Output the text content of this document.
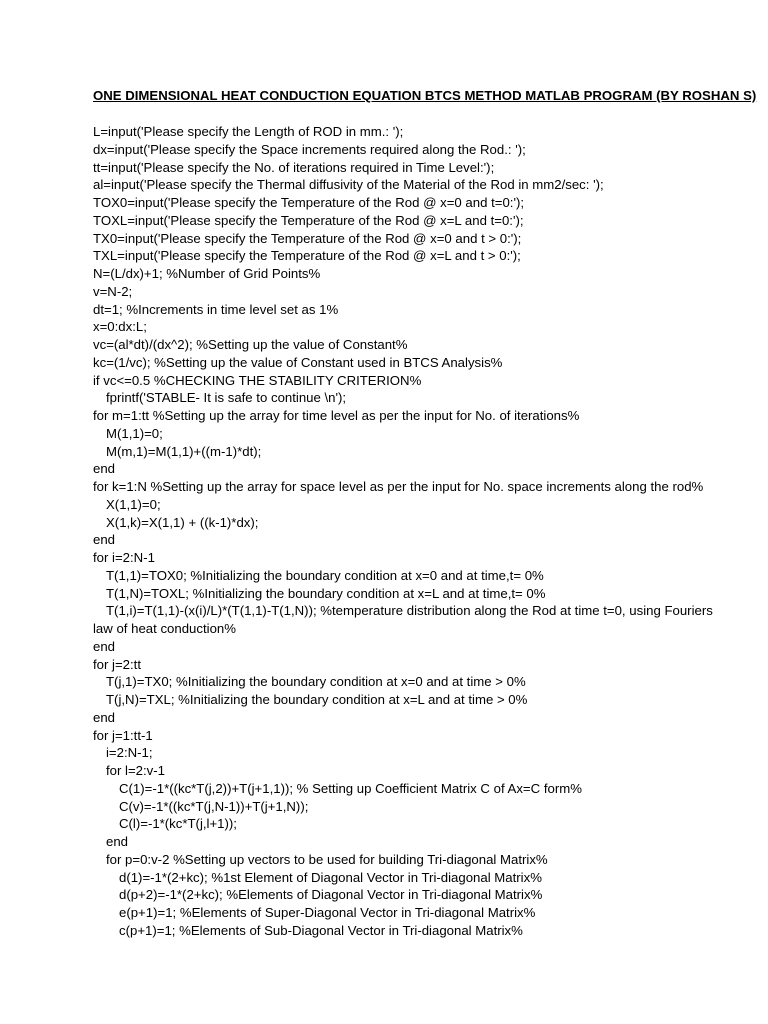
ONE DIMENSIONAL HEAT CONDUCTION EQUATION BTCS METHOD MATLAB PROGRAM (BY ROSHAN S)
L=input('Please specify the Length of ROD in mm.: ');
dx=input('Please specify the Space increments required along the Rod.: ');
tt=input('Please specify the No. of iterations required in Time Level:');
al=input('Please specify the Thermal diffusivity of the Material of the Rod in mm2/sec: ');
TOX0=input('Please specify the Temperature of the Rod @ x=0 and t=0:');
TOXL=input('Please specify the Temperature of the Rod @ x=L and t=0:');
TX0=input('Please specify the Temperature of the Rod @ x=0 and t > 0:');
TXL=input('Please specify the Temperature of the Rod @ x=L and t > 0:');
N=(L/dx)+1; %Number of Grid Points%
v=N-2;
dt=1; %Increments in time level set as 1%
x=0:dx:L;
vc=(al*dt)/(dx^2); %Setting up the value of Constant%
kc=(1/vc); %Setting up the value of Constant used in BTCS Analysis%
if vc<=0.5 %CHECKING THE STABILITY CRITERION%
fprintf('STABLE- It is safe to continue \n');
for m=1:tt %Setting up the array for time level as per the input for No. of iterations%
M(1,1)=0;
M(m,1)=M(1,1)+((m-1)*dt);
end
for k=1:N %Setting up the array for space level as per the input for No. space increments along the rod%
X(1,1)=0;
X(1,k)=X(1,1) + ((k-1)*dx);
end
for i=2:N-1
T(1,1)=TOX0; %Initializing the boundary condition at x=0 and at time,t= 0%
T(1,N)=TOXL; %Initializing the boundary condition at x=L and at time,t= 0%
T(1,i)=T(1,1)-(x(i)/L)*(T(1,1)-T(1,N)); %temperature distribution along the Rod at time t=0, using Fouriers
law of heat conduction%
end
for j=2:tt
T(j,1)=TX0; %Initializing the boundary condition at x=0 and at time > 0%
T(j,N)=TXL; %Initializing the boundary condition at x=L and at time > 0%
end
for j=1:tt-1
i=2:N-1;
for l=2:v-1
C(1)=-1*((kc*T(j,2))+T(j+1,1)); % Setting up Coefficient Matrix C of Ax=C form%
C(v)=-1*((kc*T(j,N-1))+T(j+1,N));
C(l)=-1*(kc*T(j,l+1));
end
for p=0:v-2 %Setting up vectors to be used for building Tri-diagonal Matrix%
d(1)=-1*(2+kc); %1st Element of Diagonal Vector in Tri-diagonal Matrix%
d(p+2)=-1*(2+kc); %Elements of Diagonal Vector in Tri-diagonal Matrix%
e(p+1)=1; %Elements of Super-Diagonal Vector in Tri-diagonal Matrix%
c(p+1)=1; %Elements of Sub-Diagonal Vector in Tri-diagonal Matrix%
